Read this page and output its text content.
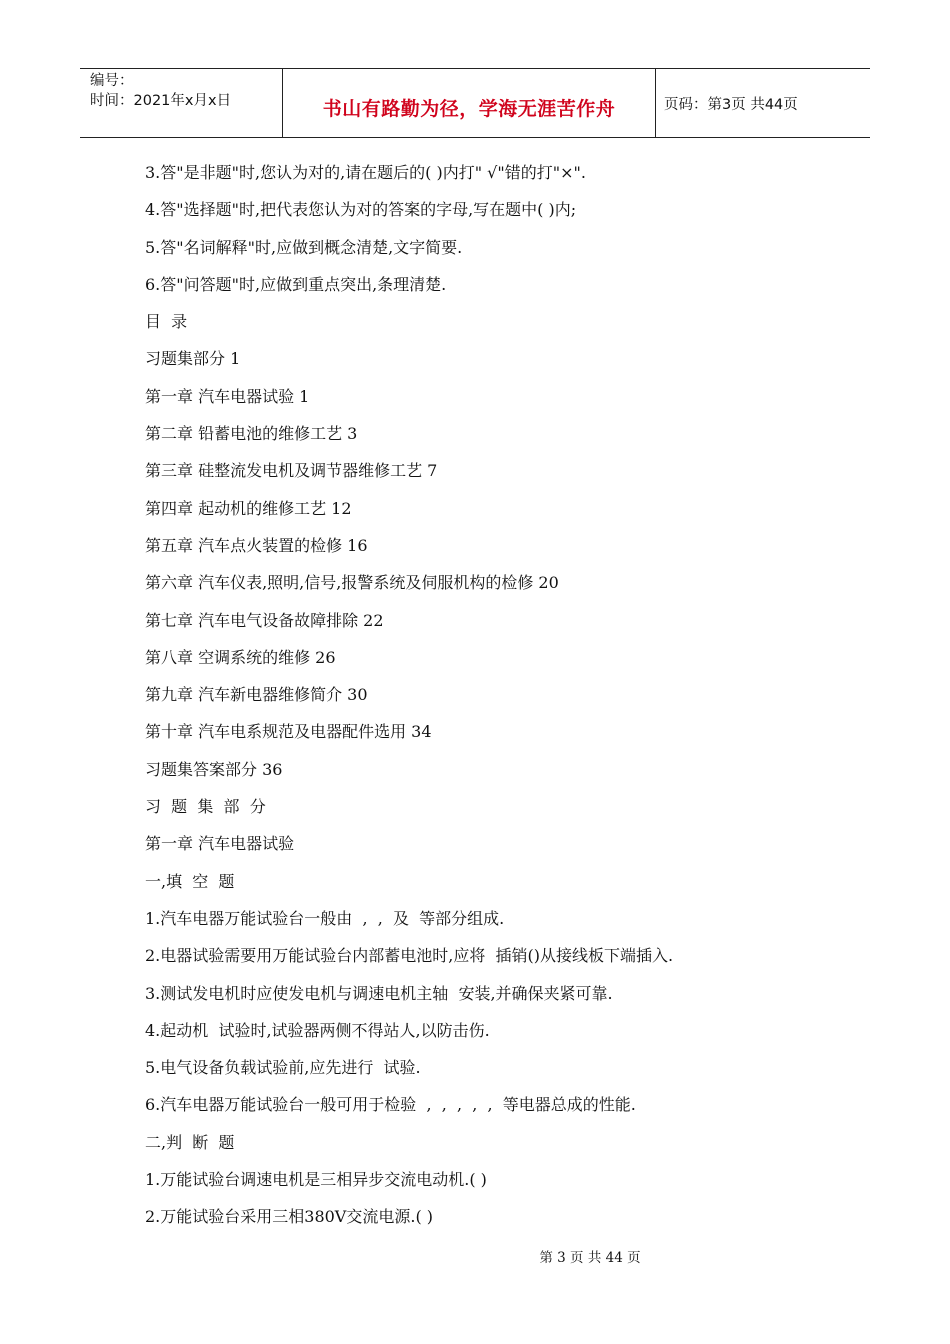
编号：
时间：2021年x月x日	书山有路勤为径，学海无涯苦作舟	页码：第3页 共44页
3.答"是非题"时,您认为对的,请在题后的( )内打" √"错的打"×".
4.答"选择题"时,把代表您认为对的答案的字母,写在题中( )内;
5.答"名词解释"时,应做到概念清楚,文字简要.
6.答"问答题"时,应做到重点突出,条理清楚.
目  录
习题集部分 1
第一章 汽车电器试验 1
第二章 铅蓄电池的维修工艺 3
第三章 硅整流发电机及调节器维修工艺 7
第四章 起动机的维修工艺 12
第五章 汽车点火装置的检修 16
第六章 汽车仪表,照明,信号,报警系统及伺服机构的检修 20
第七章 汽车电气设备故障排除 22
第八章 空调系统的维修 26
第九章 汽车新电器维修简介 30
第十章 汽车电系规范及电器配件选用 34
习题集答案部分 36
习  题  集  部  分
第一章 汽车电器试验
一,填  空  题
1.汽车电器万能试验台一般由  ,  ,  及  等部分组成.
2.电器试验需要用万能试验台内部蓄电池时,应将  插销()从接线板下端插入.
3.测试发电机时应使发电机与调速电机主轴  安装,并确保夹紧可靠.
4.起动机  试验时,试验器两侧不得站人,以防击伤.
5.电气设备负载试验前,应先进行  试验.
6.汽车电器万能试验台一般可用于检验  ,  ,  ,  ,  ,  等电器总成的性能.
二,判  断  题
1.万能试验台调速电机是三相异步交流电动机.( )
2.万能试验台采用三相380V交流电源.( )
第 3 页 共 44 页
